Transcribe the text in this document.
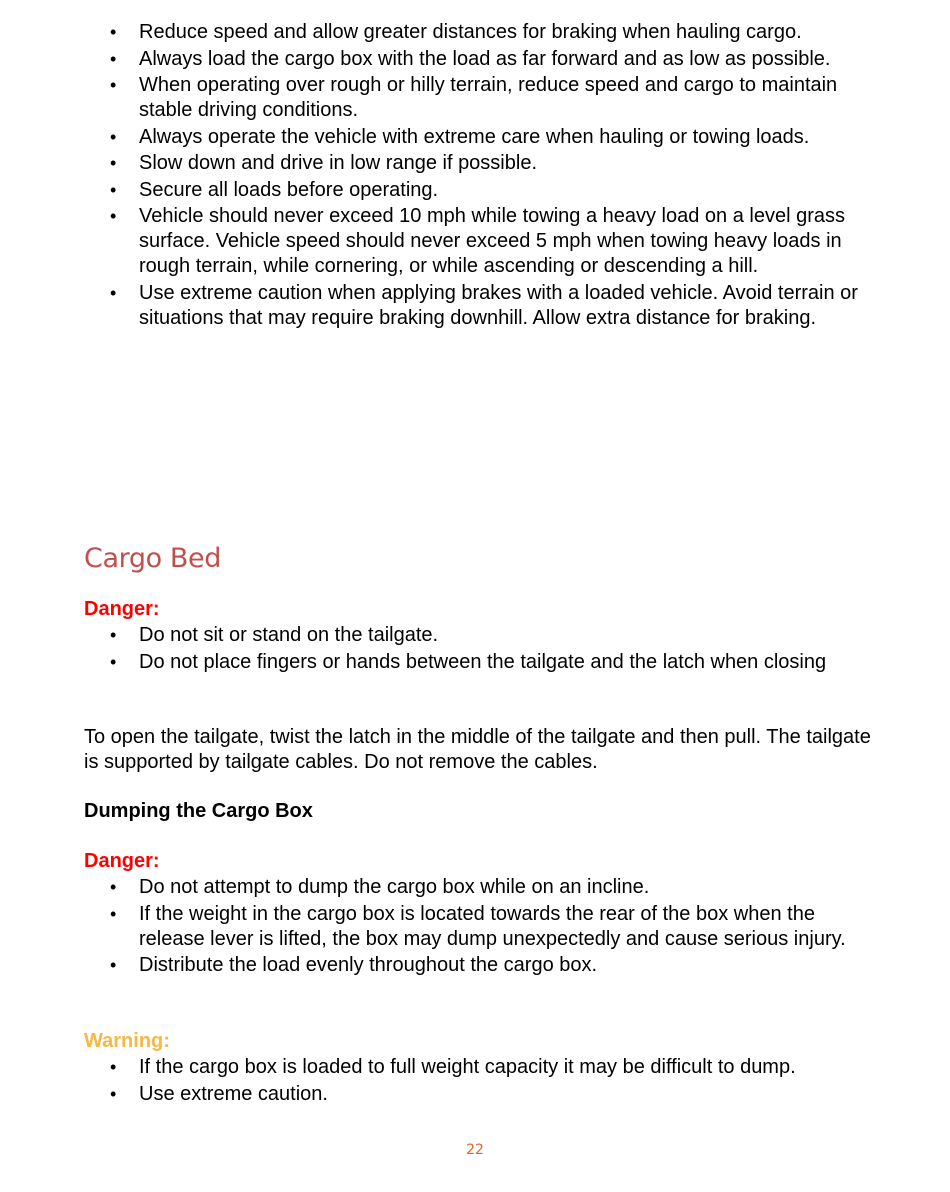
• Reduce speed and allow greater distances for braking when hauling cargo.
• Always load the cargo box with the load as far forward and as low as possible.
• When operating over rough or hilly terrain, reduce speed and cargo to maintain stable driving conditions.
• Always operate the vehicle with extreme care when hauling or towing loads.
• Slow down and drive in low range if possible.
• Secure all loads before operating.
• Vehicle should never exceed 10 mph while towing a heavy load on a level grass surface. Vehicle speed should never exceed 5 mph when towing heavy loads in rough terrain, while cornering, or while ascending or descending a hill.
• Use extreme caution when applying brakes with a loaded vehicle. Avoid terrain or situations that may require braking downhill. Allow extra distance for braking.
Cargo Bed

Danger:

• Do not sit or stand on the tailgate.
• Do not place fingers or hands between the tailgate and the latch when closing

To open the tailgate, twist the latch in the middle of the tailgate and then pull. The tailgate is supported by tailgate cables. Do not remove the cables.

Dumping the Cargo Box

Danger:

• Do not attempt to dump the cargo box while on an incline.
• If the weight in the cargo box is located towards the rear of the box when the release lever is lifted, the box may dump unexpectedly and cause serious injury.
• Distribute the load evenly throughout the cargo box.

Warning:

• If the cargo box is loaded to full weight capacity it may be difficult to dump.
• Use extreme caution.
22
